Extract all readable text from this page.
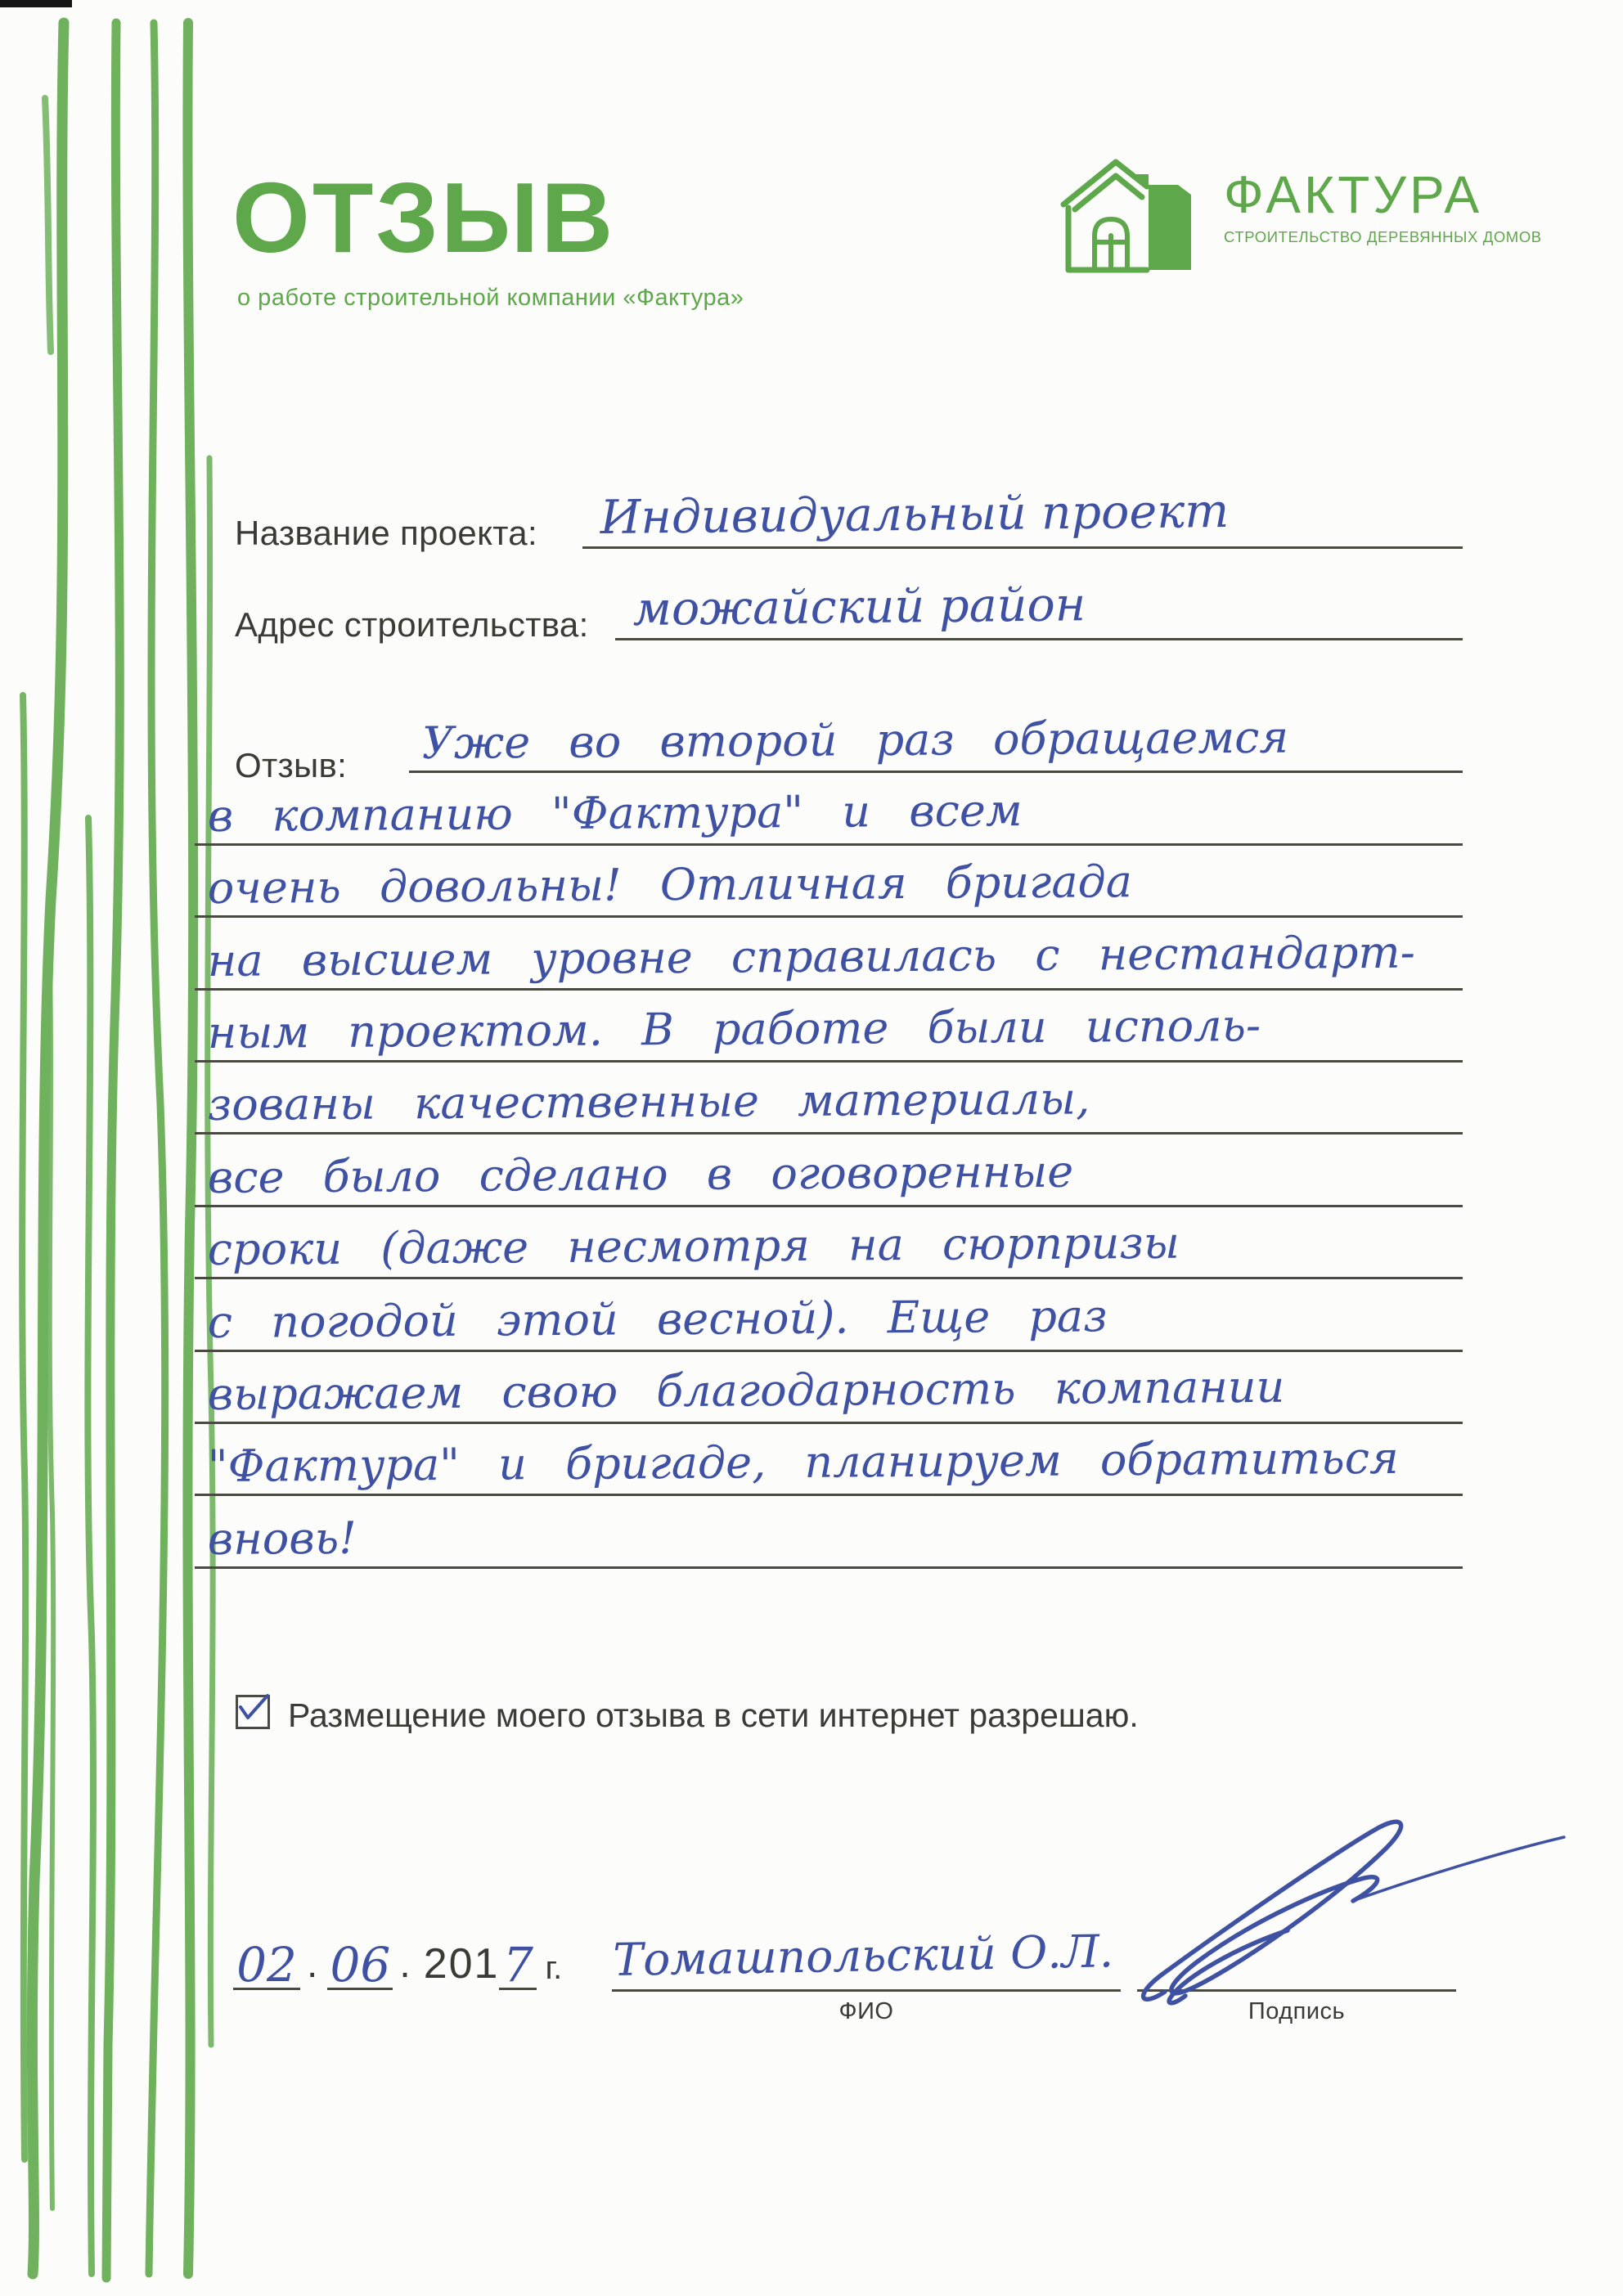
ОТЗЫВ
о работе строительной компании «Фактура»
ФАКТУРА
СТРОИТЕЛЬСТВО ДЕРЕВЯННЫХ ДОМОВ
Название проекта: Индивидуальный проект
Адрес строительства: можайский район
Отзыв: Уже во второй раз обращаемся
в компанию "Фактура" и всем
очень довольны! Отличная бригада
на высшем уровне справилась с нестандарт-
ным проектом. В работе были исполь-
зованы качественные материалы,
все было сделано в оговоренные
сроки (даже несмотря на сюрпризы
с погодой этой весной). Еще раз
выражаем свою благодарность компании
"Фактура" и бригаде, планируем обратиться
вновь!
Размещение моего отзыва в сети интернет разрешаю.
02 . 06 . 201 7 г. Томашпольский О.Л.
ФИО	Подпись
